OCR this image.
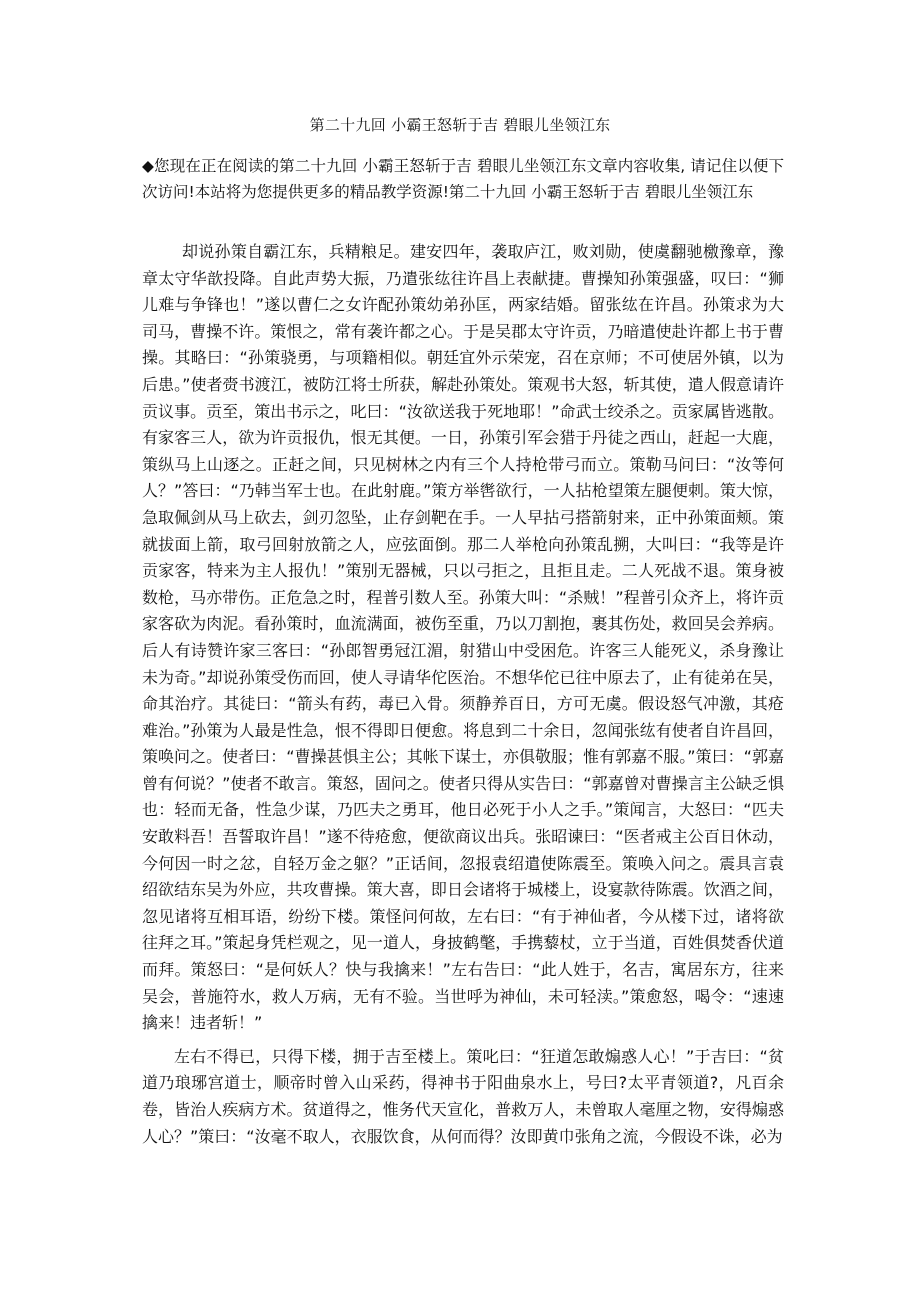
第二十九回 小霸王怒斩于吉 碧眼儿坐领江东
◆您现在正在阅读的第二十九回 小霸王怒斩于吉 碧眼儿坐领江东文章内容收集, 请记住以便下次访问!本站将为您提供更多的精品教学资源!第二十九回 小霸王怒斩于吉 碧眼儿坐领江东

却说孙策自霸江东，兵精粮足。建安四年，袭取庐江，败刘勋，使虞翻驰檄豫章，豫章太守华歆投降。自此声势大振，乃遣张纮往许昌上表献捷。曹操知孙策强盛，叹曰：“狮儿难与争锋也！”遂以曹仁之女许配孙策幼弟孙匡，两家结婚。留张纮在许昌。孙策求为大司马，曹操不许。策恨之，常有袭许都之心。于是吴郡太守许贡，乃暗遣使赴许都上书于曹操。其略曰：“孙策骁勇，与项籍相似。朝廷宜外示荣宠，召在京师；不可使居外镇，以为后患。”使者赍书渡江，被防江将士所获，解赴孙策处。策观书大怒，斩其使，遣人假意请许贡议事。贡至，策出书示之，叱曰：“汝欲送我于死地耶！”命武士绞杀之。贡家属皆逃散。有家客三人，欲为许贡报仇，恨无其便。一日，孙策引军会猎于丹徒之西山，赶起一大鹿，策纵马上山逐之。正赶之间，只见树林之内有三个人持枪带弓而立。策勒马问曰：“汝等何人？”答曰：“乃韩当军士也。在此射鹿。”策方举辔欲行，一人拈枪望策左腿便刺。策大惊，急取佩剑从马上砍去，剑刃忽坠，止存剑靶在手。一人早拈弓搭箭射来，正中孙策面颊。策就拔面上箭，取弓回射放箭之人，应弦面倒。那二人举枪向孙策乱搠，大叫曰：“我等是许贡家客，特来为主人报仇！”策别无器械，只以弓拒之，且拒且走。二人死战不退。策身被数枪，马亦带伤。正危急之时，程普引数人至。孙策大叫：“杀贼！”程普引众齐上，将许贡家客砍为肉泥。看孙策时，血流满面，被伤至重，乃以刀割抱，裹其伤处，救回吴会养病。后人有诗赞许家三客曰：“孙郎智勇冠江湄，射猎山中受困危。许客三人能死义，杀身豫让未为奇。”却说孙策受伤而回，使人寻请华佗医治。不想华佗已往中原去了，止有徒弟在吴，命其治疗。其徒曰：“箭头有药，毒已入骨。须静养百日，方可无虞。假设怒气冲激，其疮难治。”孙策为人最是性急，恨不得即日便愈。将息到二十余日，忽闻张纮有使者自许昌回，策唤问之。使者曰：“曹操甚惧主公；其帐下谋士，亦俱敬服；惟有郭嘉不服。”策曰：“郭嘉曾有何说？”使者不敢言。策怒，固问之。使者只得从实告曰：“郭嘉曾对曹操言主公缺乏惧也：轻而无备，性急少谋，乃匹夫之勇耳，他日必死于小人之手。”策闻言，大怒曰：“匹夫安敢料吾！吾誓取许昌！”遂不待疮愈，便欲商议出兵。张昭谏曰：“医者戒主公百日休动，今何因一时之忿，自轻万金之躯？”正话间，忽报袁绍遣使陈震至。策唤入问之。震具言袁绍欲结东吴为外应，共攻曹操。策大喜，即日会诸将于城楼上，设宴款待陈震。饮酒之间，忽见诸将互相耳语，纷纷下楼。策怪问何故，左右曰：“有于神仙者，今从楼下过，诸将欲往拜之耳。”策起身凭栏观之，见一道人，身披鹤氅，手携藜杖，立于当道，百姓俱焚香伏道而拜。策怒曰：“是何妖人？快与我擒来！”左右告曰：“此人姓于，名吉，寓居东方，往来吴会，普施符水，救人万病，无有不验。当世呼为神仙，未可轻渎。”策愈怒，喝令：“速速擒来！违者斩！”

左右不得已，只得下楼，拥于吉至楼上。策叱曰：“狂道怎敢煽惑人心！”于吉曰：“贫道乃琅琊宫道士，顺帝时曾入山采药，得神书于阳曲泉水上，号曰?太平青领道?，凡百余卷，皆治人疾病方术。贫道得之，惟务代天宣化，普救万人，未曾取人毫厘之物，安得煽惑人心？”策曰：“汝毫不取人，衣服饮食，从何而得？汝即黄巾张角之流，今假设不诛，必为
